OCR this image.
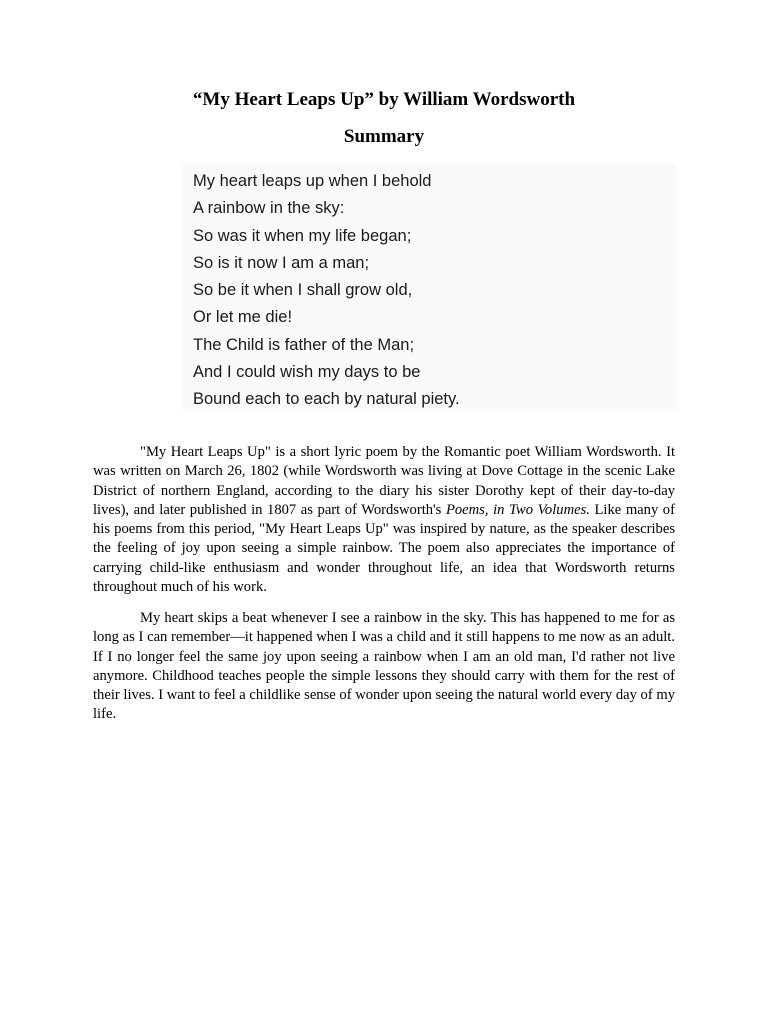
“My Heart Leaps Up” by William Wordsworth
Summary
My heart leaps up when I behold
A rainbow in the sky:
So was it when my life began;
So is it now I am a man;
So be it when I shall grow old,
Or let me die!
The Child is father of the Man;
And I could wish my days to be
Bound each to each by natural piety.

"My Heart Leaps Up" is a short lyric poem by the Romantic poet William Wordsworth. It was written on March 26, 1802 (while Wordsworth was living at Dove Cottage in the scenic Lake District of northern England, according to the diary his sister Dorothy kept of their day-to-day lives), and later published in 1807 as part of Wordsworth's Poems, in Two Volumes. Like many of his poems from this period, "My Heart Leaps Up" was inspired by nature, as the speaker describes the feeling of joy upon seeing a simple rainbow. The poem also appreciates the importance of carrying child-like enthusiasm and wonder throughout life, an idea that Wordsworth returns throughout much of his work.

My heart skips a beat whenever I see a rainbow in the sky. This has happened to me for as long as I can remember—it happened when I was a child and it still happens to me now as an adult. If I no longer feel the same joy upon seeing a rainbow when I am an old man, I'd rather not live anymore. Childhood teaches people the simple lessons they should carry with them for the rest of their lives. I want to feel a childlike sense of wonder upon seeing the natural world every day of my life.
